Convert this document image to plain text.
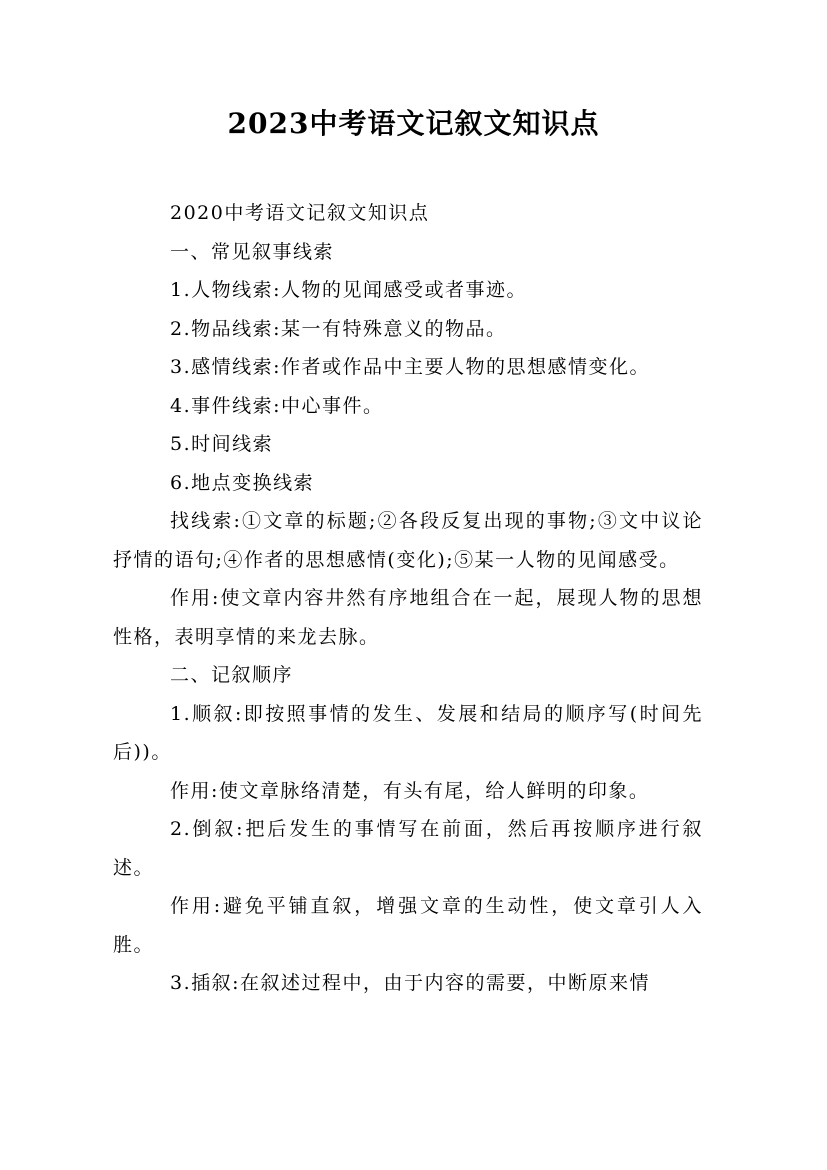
2023中考语文记叙文知识点

2020中考语文记叙文知识点

一、常见叙事线索

1.人物线索:人物的见闻感受或者事迹。

2.物品线索:某一有特殊意义的物品。

3.感情线索:作者或作品中主要人物的思想感情变化。

4.事件线索:中心事件。

5.时间线索

6.地点变换线索

找线索:①文章的标题;②各段反复出现的事物;③文中议论抒情的语句;④作者的思想感情(变化);⑤某一人物的见闻感受。

作用:使文章内容井然有序地组合在一起，展现人物的思想性格，表明享情的来龙去脉。

二、记叙顺序

1.顺叙:即按照事情的发生、发展和结局的顺序写(时间先后))。

作用:使文章脉络清楚，有头有尾，给人鲜明的印象。

2.倒叙:把后发生的事情写在前面，然后再按顺序进行叙述。

作用:避免平铺直叙，增强文章的生动性，使文章引人入胜。

3.插叙:在叙述过程中，由于内容的需要，中断原来情
